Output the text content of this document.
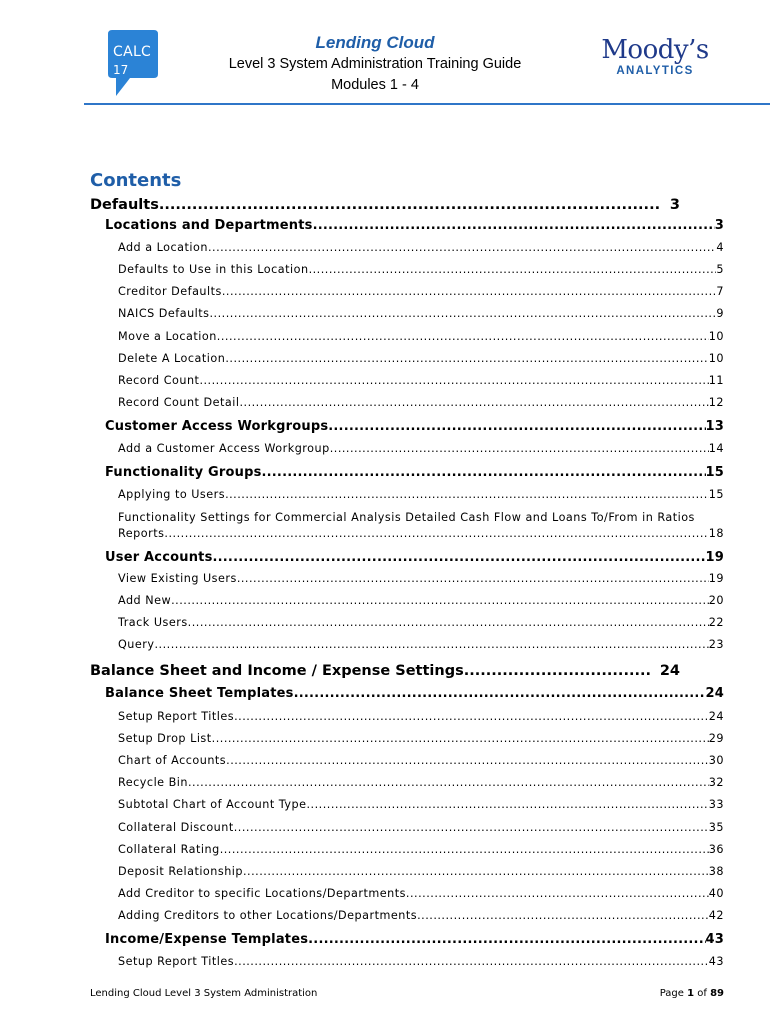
CALC
17
Lending Cloud
Level 3 System Administration Training Guide
Modules 1 - 4
Moody’s
ANALYTICS
Contents
Defaults .....	3
Locations and Departments .....	3
Add a Location .....	4
Defaults to Use in this Location .....	5
Creditor Defaults .....	7
NAICS Defaults .....	9
Move a Location .....	10
Delete A Location .....	10
Record Count .....	11
Record Count Detail .....	12
Customer Access Workgroups .....	13
Add a Customer Access Workgroup .....	14
Functionality Groups .....	15
Applying to Users .....	15
Functionality Settings for Commercial Analysis Detailed Cash Flow and Loans To/From in Ratios
Reports .....	18
User Accounts .....	19
View Existing Users .....	19
Add New .....	20
Track Users .....	22
Query .....	23
Balance Sheet and Income / Expense Settings .....	24
Balance Sheet Templates .....	24
Setup Report Titles .....	24
Setup Drop List .....	29
Chart of Accounts .....	30
Recycle Bin .....	32
Subtotal Chart of Account Type .....	33
Collateral Discount .....	35
Collateral Rating .....	36
Deposit Relationship .....	38
Add Creditor to specific Locations/Departments .....	40
Adding Creditors to other Locations/Departments .....	42
Income/Expense Templates .....	43
Setup Report Titles .....	43
Lending Cloud Level 3 System Administration	Page 1 of 89
